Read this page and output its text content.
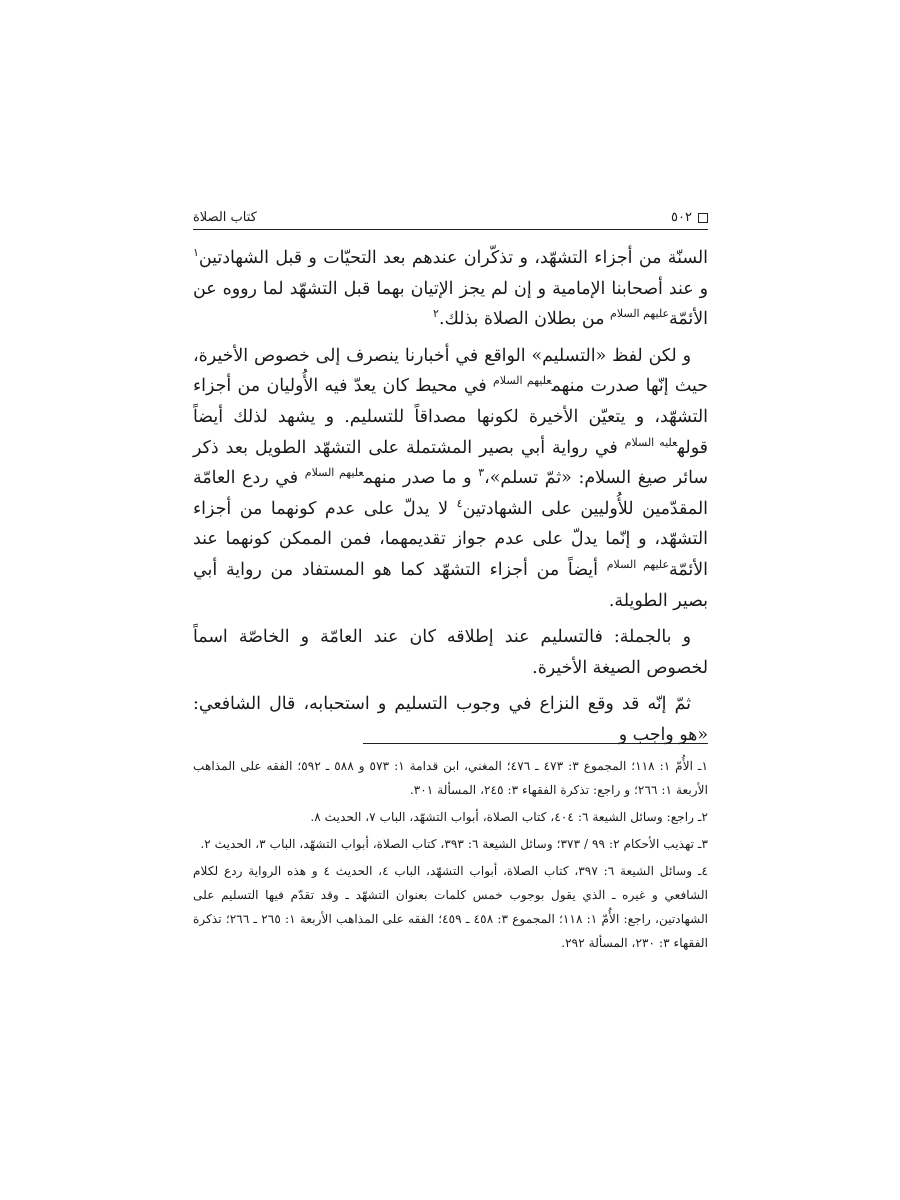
٥٠٢
كتاب الصلاة

السنّة من أجزاء التشهّد، و تذكّران عندهم بعد التحيّات و قبل الشهادتين$^١$ و عند أصحابنا الإمامية و إن لم يجز الإتيان بهما قبل التشهّد لما رووه عن الأئمّة$^{عليهم السلام}$ من بطلان الصلاة بذلك.$^٢$

و لكن لفظ «التسليم» الواقع في أخبارنا ينصرف إلى خصوص الأخيرة، حيث إنّها صدرت منهم$^{عليهم السلام}$ في محيط كان يعدّ فيه الأُوليان من أجزاء التشهّد، و يتعيّن الأخيرة لكونها مصداقاً للتسليم. و يشهد لذلك أيضاً قوله$^{عليه السلام}$ في رواية أبي بصير المشتملة على التشهّد الطويل بعد ذكر سائر صيغ السلام: «ثمّ تسلم»،$^٣$ و ما صدر منهم$^{عليهم السلام}$ في ردع العامّة المقدّمين للأُوليين على الشهادتين$^٤$ لا يدلّ على عدم كونهما من أجزاء التشهّد، و إنّما يدلّ على عدم جواز تقديمهما، فمن الممكن كونهما عند الأئمّة$^{عليهم السلام}$ أيضاً من أجزاء التشهّد كما هو المستفاد من رواية أبي بصير الطويلة.

و بالجملة: فالتسليم عند إطلاقه كان عند العامّة و الخاصّة اسماً لخصوص الصيغة الأخيرة.

ثمّ إنّه قد وقع النزاع في وجوب التسليم و استحبابه، قال الشافعي: «هو واجب و

١ـ الأُمّ ١: ١١٨؛ المجموع ٣: ٤٧٣ ـ ٤٧٦؛ المغني، ابن قدامة ١: ٥٧٣ و ٥٨٨ ـ ٥٩٢؛ الفقه على المذاهب الأربعة ١: ٢٦٦؛ و راجع: تذكرة الفقهاء ٣: ٢٤٥، المسألة ٣٠١.

٢ـ راجع: وسائل الشيعة ٦: ٤٠٤، كتاب الصلاة، أبواب التشهّد، الباب ٧، الحديث ٨.

٣ـ تهذيب الأحكام ٢: ٩٩ / ٣٧٣؛ وسائل الشيعة ٦: ٣٩٣، كتاب الصلاة، أبواب التشهّد، الباب ٣، الحديث ٢.

٤ـ وسائل الشيعة ٦: ٣٩٧، كتاب الصلاة، أبواب التشهّد، الباب ٤، الحديث ٤ و هذه الرواية ردع لكلام الشافعي و غيره ـ الذي يقول بوجوب خمس كلمات بعنوان التشهّد ـ وقد تقدّم فيها التسليم على الشهادتين، راجع: الأُمّ ١: ١١٨؛ المجموع ٣: ٤٥٨ ـ ٤٥٩؛ الفقه على المذاهب الأربعة ١: ٢٦٥ ـ ٢٦٦؛ تذكرة الفقهاء ٣: ٢٣٠، المسألة ٢٩٢.
